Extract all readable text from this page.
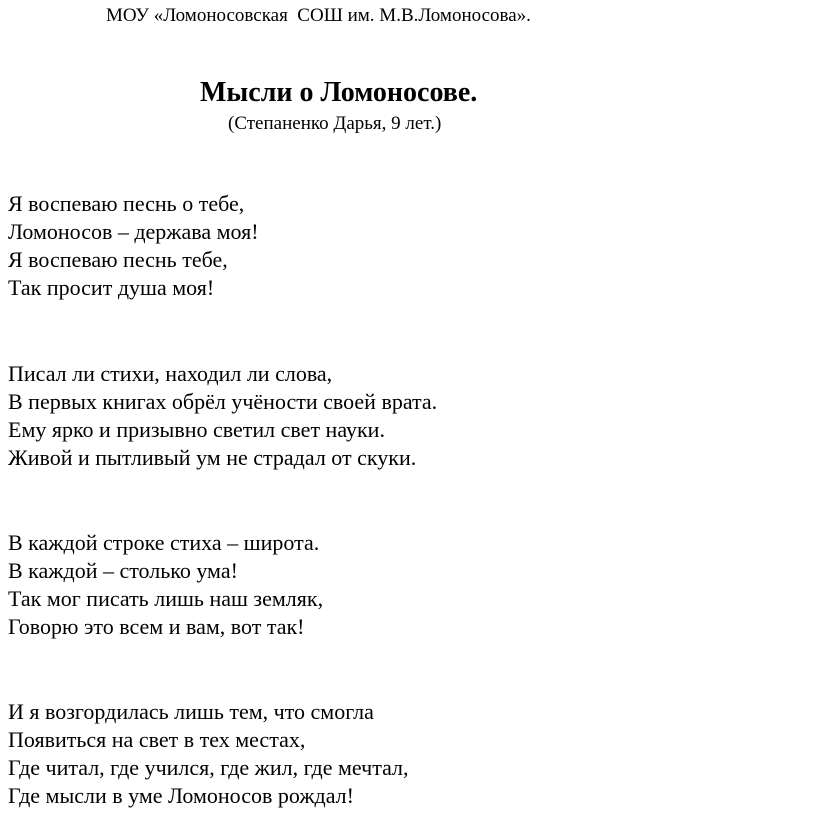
МОУ «Ломоносовская  СОШ им. М.В.Ломоносова».
Мысли о Ломоносове.
(Степаненко Дарья, 9 лет.)
Я воспеваю песнь о тебе,
Ломоносов – держава моя!
Я воспеваю песнь тебе,
Так просит душа моя!
Писал ли стихи, находил ли слова,
В первых книгах обрёл учёности своей врата.
Ему ярко и призывно светил свет науки.
Живой и пытливый ум не страдал от скуки.
В каждой строке стиха – широта.
В каждой – столько ума!
Так мог писать лишь наш земляк,
Говорю это всем и вам, вот так!
И я возгордилась лишь тем, что смогла
Появиться на свет в тех местах,
Где читал, где учился, где жил, где мечтал,
Где мысли в уме Ломоносов рождал!
